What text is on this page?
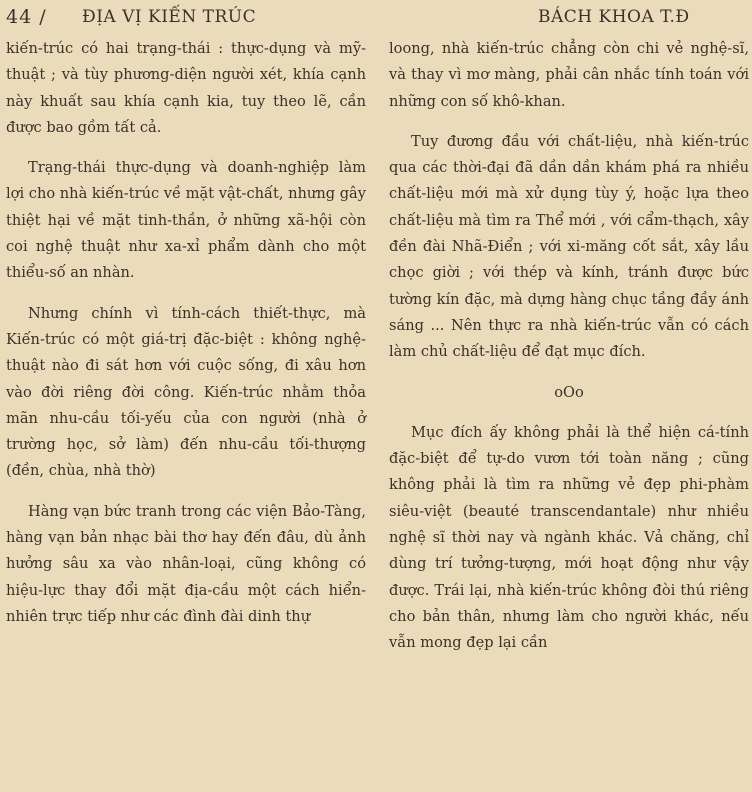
44 / ĐỊA VỊ KIẾN TRÚC	BÁCH KHOA T.Đ

kiến-trúc có hai trạng-thái : thực-dụng và mỹ-thuật ; và tùy phương-diện người xét, khía cạnh này khuất sau khía cạnh kia, tuy theo lẽ, cần được bao gồm tất cả.

Trạng-thái thực-dụng và doanh-nghiệp làm lợi cho nhà kiến-trúc về mặt vật-chất, nhưng gây thiệt hại về mặt tinh-thần, ở những xã-hội còn coi nghệ thuật như xa-xỉ phẩm dành cho một thiểu-số an nhàn.

Nhưng chính vì tính-cách thiết-thực, mà Kiến-trúc có một giá-trị đặc-biệt : không nghệ-thuật nào đi sát hơn với cuộc sống, đi xâu hơn vào đời riêng đời công. Kiến-trúc nhằm thỏa mãn nhu-cầu tối-yếu của con người (nhà ở trường học, sở làm) đến nhu-cầu tối-thượng (đền, chùa, nhà thờ)

Hàng vạn bức tranh trong các viện Bảo-Tàng, hàng vạn bản nhạc bài thơ hay đến đâu, dù ảnh hưởng sâu xa vào nhân-loại, cũng không có hiệu-lực thay đổi mặt địa-cầu một cách hiển-nhiên trực tiếp như các đình đài dinh thự

loong, nhà kiến-trúc chẳng còn chi vẻ nghệ-sĩ, và thay vì mơ màng, phải cân nhắc tính toán với những con số khô-khan.

Tuy đương đầu với chất-liệu, nhà kiến-trúc qua các thời-đại đã dần dần khám phá ra nhiều chất-liệu mới mà xử dụng tùy ý, hoặc lựa theo chất-liệu mà tìm ra Thể mới , với cẩm-thạch, xây đền đài Nhã-Điển ; với xi-măng cốt sắt, xây lầu chọc giời ; với thép và kính, tránh được bức tường kín đặc, mà dựng hàng chục tầng đầy ánh sáng ... Nên thực ra nhà kiến-trúc vẫn có cách làm chủ chất-liệu để đạt mục đích.

oOo

Mục đích ấy không phải là thể hiện cá-tính đặc-biệt để tự-do vươn tới toàn năng ; cũng không phải là tìm ra những vẻ đẹp phi-phàm siêu-việt (beauté transcendantale) như nhiều nghệ sĩ thời nay và ngành khác. Vả chăng, chỉ dùng trí tưởng-tượng, mới hoạt động như vậy được. Trái lại, nhà kiến-trúc không đòi thú riêng cho bản thân, nhưng làm cho người khác, nếu vẫn mong đẹp lại cần
